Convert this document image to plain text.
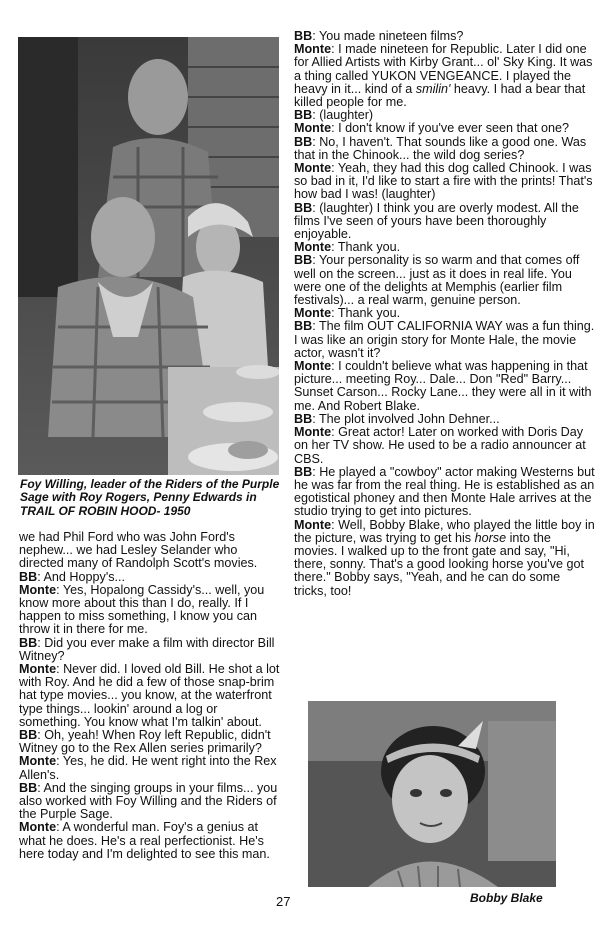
Foy Willing, leader of the Riders of the Purple Sage with Roy Rogers, Penny Edwards in TRAIL OF ROBIN HOOD- 1950

we had Phil Ford who was John Ford's nephew... we had Lesley Selander who directed many of Randolph Scott's movies.

BB: And Hoppy's...

Monte: Yes, Hopalong Cassidy's... well, you know more about this than I do, really. If I happen to miss something, I know you can throw it in there for me.

BB: Did you ever make a film with director Bill Witney?

Monte: Never did. I loved old Bill. He shot a lot with Roy. And he did a few of those snap-brim hat type movies... you know, at the waterfront type things... lookin' around a log or something. You know what I'm talkin' about.

BB: Oh, yeah! When Roy left Republic, didn't Witney go to the Rex Allen series primarily?

Monte: Yes, he did. He went right into the Rex Allen's.

BB: And the singing groups in your films... you also worked with Foy Willing and the Riders of the Purple Sage.

Monte: A wonderful man. Foy's a genius at what he does. He's a real perfectionist. He's here today and I'm delighted to see this man.

BB: You made nineteen films?

Monte: I made nineteen for Republic. Later I did one for Allied Artists with Kirby Grant... ol' Sky King. It was a thing called YUKON VENGEANCE. I played the heavy in it... kind of a smilin' heavy. I had a bear that killed people for me.

BB: (laughter)

Monte: I don't know if you've ever seen that one?

BB: No, I haven't. That sounds like a good one. Was that in the Chinook... the wild dog series?

Monte: Yeah, they had this dog called Chinook. I was so bad in it, I'd like to start a fire with the prints! That's how bad I was! (laughter)

BB: (laughter) I think you are overly modest. All the films I've seen of yours have been thoroughly enjoyable.

Monte: Thank you.

BB: Your personality is so warm and that comes off well on the screen... just as it does in real life. You were one of the delights at Memphis (earlier film festivals)... a real warm, genuine person.

Monte: Thank you.

BB: The film OUT CALIFORNIA WAY was a fun thing. I was like an origin story for Monte Hale, the movie actor, wasn't it?

Monte: I couldn't believe what was happening in that picture... meeting Roy... Dale... Don "Red" Barry... Sunset Carson... Rocky Lane... they were all in it with me. And Robert Blake.

BB: The plot involved John Dehner...

Monte: Great actor! Later on worked with Doris Day on her TV show. He used to be a radio announcer at CBS.

BB: He played a "cowboy" actor making Westerns but he was far from the real thing. He is established as an egotistical phoney and then Monte Hale arrives at the studio trying to get into pictures.

Monte: Well, Bobby Blake, who played the little boy in the picture, was trying to get his horse into the movies. I walked up to the front gate and say, "Hi, there, sonny. That's a good looking horse you've got there." Bobby says, "Yeah, and he can do some tricks, too!

Bobby Blake
27
